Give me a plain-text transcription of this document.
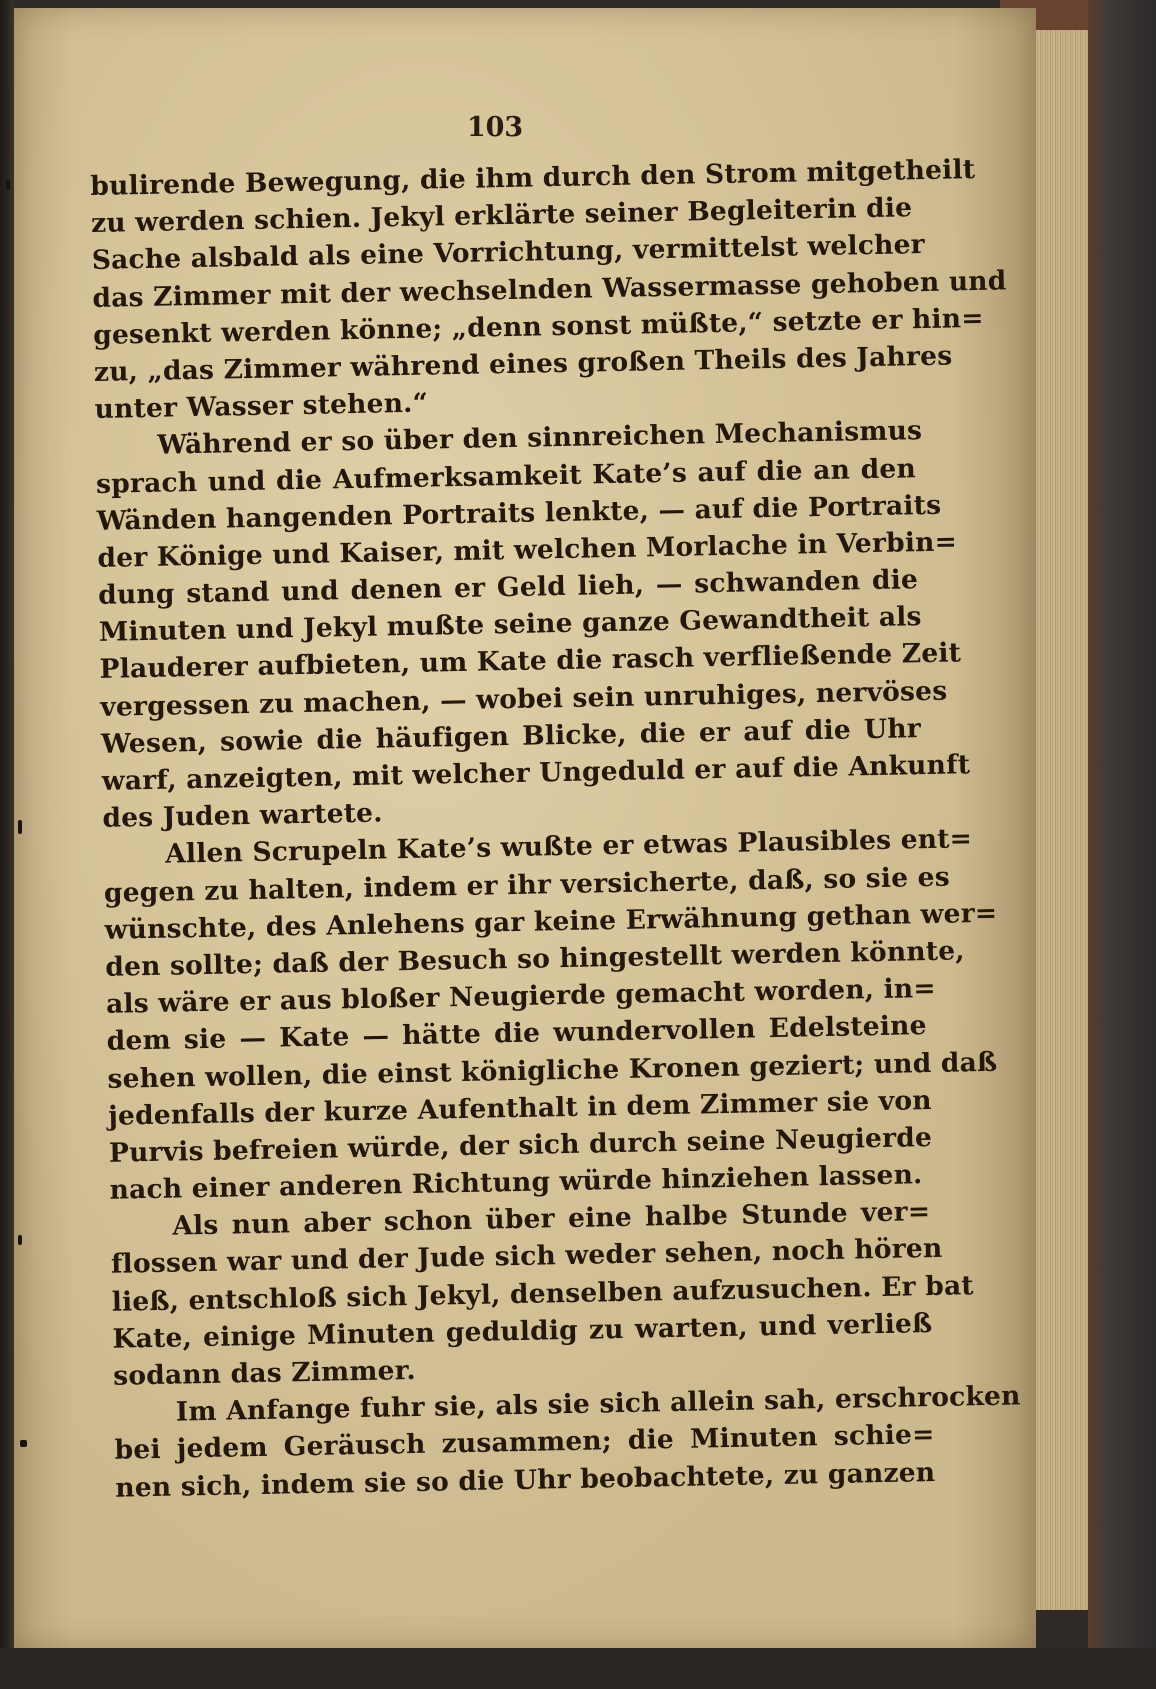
103
bulirende Bewegung, die ihm durch den Strom mitgetheilt
zu werden schien. Jekyl erklärte seiner Begleiterin die
Sache alsbald als eine Vorrichtung, vermittelst welcher
das Zimmer mit der wechselnden Wassermasse gehoben und
gesenkt werden könne; „denn sonst müßte,“ setzte er hin=
zu, „das Zimmer während eines großen Theils des Jahres
unter Wasser stehen.“
Während er so über den sinnreichen Mechanismus
sprach und die Aufmerksamkeit Kate’s auf die an den
Wänden hangenden Portraits lenkte, — auf die Portraits
der Könige und Kaiser, mit welchen Morlache in Verbin=
dung stand und denen er Geld lieh, — schwanden die
Minuten und Jekyl mußte seine ganze Gewandtheit als
Plauderer aufbieten, um Kate die rasch verfließende Zeit
vergessen zu machen, — wobei sein unruhiges, nervöses
Wesen, sowie die häufigen Blicke, die er auf die Uhr
warf, anzeigten, mit welcher Ungeduld er auf die Ankunft
des Juden wartete.
Allen Scrupeln Kate’s wußte er etwas Plausibles ent=
gegen zu halten, indem er ihr versicherte, daß, so sie es
wünschte, des Anlehens gar keine Erwähnung gethan wer=
den sollte; daß der Besuch so hingestellt werden könnte,
als wäre er aus bloßer Neugierde gemacht worden, in=
dem sie — Kate — hätte die wundervollen Edelsteine
sehen wollen, die einst königliche Kronen geziert; und daß
jedenfalls der kurze Aufenthalt in dem Zimmer sie von
Purvis befreien würde, der sich durch seine Neugierde
nach einer anderen Richtung würde hinziehen lassen.
Als nun aber schon über eine halbe Stunde ver=
flossen war und der Jude sich weder sehen, noch hören
ließ, entschloß sich Jekyl, denselben aufzusuchen. Er bat
Kate, einige Minuten geduldig zu warten, und verließ
sodann das Zimmer.
Im Anfange fuhr sie, als sie sich allein sah, erschrocken
bei jedem Geräusch zusammen; die Minuten schie=
nen sich, indem sie so die Uhr beobachtete, zu ganzen
